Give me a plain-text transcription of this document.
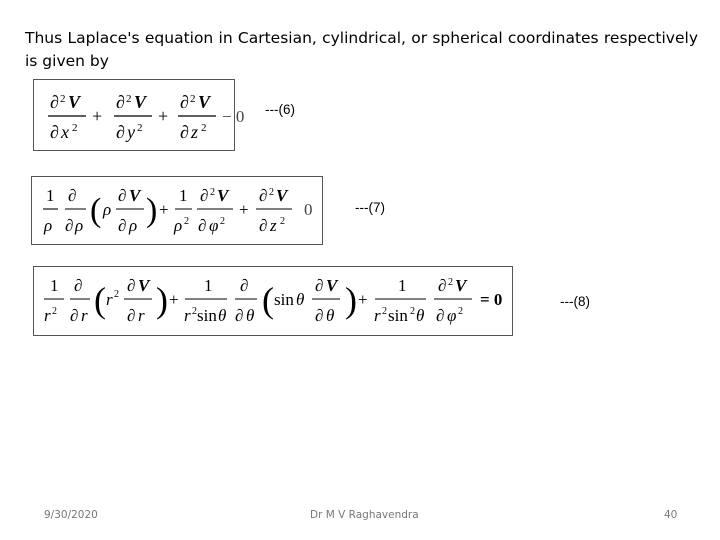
Thus Laplace's equation in Cartesian, cylindrical, or spherical coordinates respectively is given by
∂ 2 V
∂ x 2
+
∂ 2 V
∂ y 2
+
∂ 2 V
∂ z 2
− 0 ---(6)
1
ρ
∂
∂ ρ ( ρ
∂ V
∂ ρ ) +
1
ρ 2
∂ 2 V
∂ φ 2
+
∂ 2 V
∂ z 2
0	---(7)
1
r 2
∂
∂ r ( r 2 ∂ V
∂ r ) +
1
r 2 sin θ
∂
∂ θ ( sin θ
∂ V
∂ θ ) +
1
r 2 sin 2 θ
∂ 2 V
∂ φ 2
= 0	---(8)
9/30/2020	Dr M V Raghavendra	40
